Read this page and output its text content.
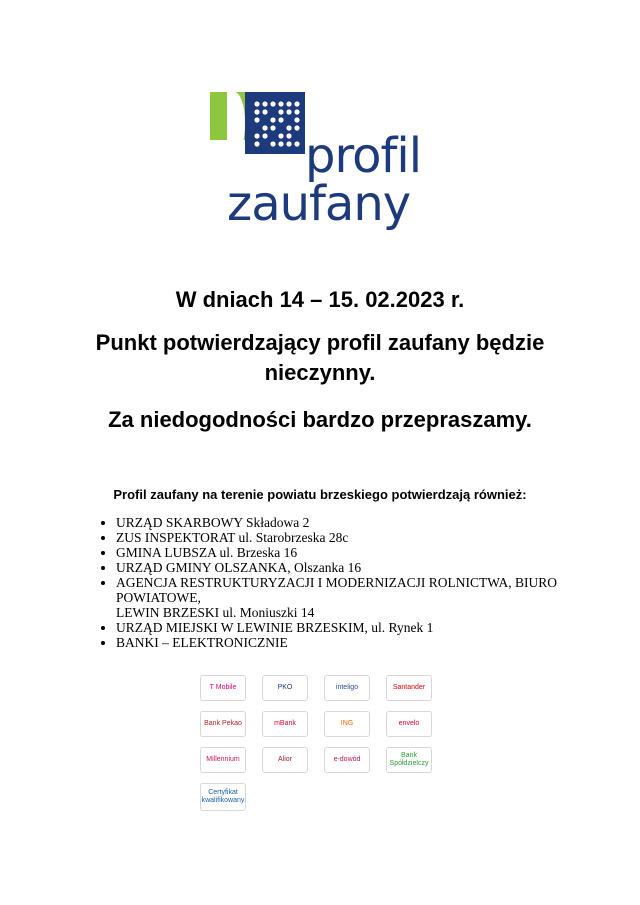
profil
zaufany
W dniach 14 – 15. 02.2023 r.
Punkt potwierdzający profil zaufany będzie nieczynny.
Za niedogodności bardzo przepraszamy.
Profil zaufany na terenie powiatu brzeskiego potwierdzają również:
• URZĄD SKARBOWY Składowa 2
• ZUS INSPEKTORAT ul. Starobrzeska 28c
• GMINA LUBSZA ul. Brzeska 16
• URZĄD GMINY OLSZANKA, Olszanka 16
• AGENCJA RESTRUKTURYZACJI I MODERNIZACJI ROLNICTWA, BIURO POWIATOWE,
LEWIN BRZESKI ul. Moniuszki 14
• URZĄD MIEJSKI W LEWINIE BRZESKIM, ul. Rynek 1
• BANKI – ELEKTRONICZNIE
T Mobile	PKO	inteligo	Santander
Bank Pekao	mBank	ING	envelo
Millennium	Alior	e-dowód
Bank Spółdzielczy
Certyfikat kwalifikowany
